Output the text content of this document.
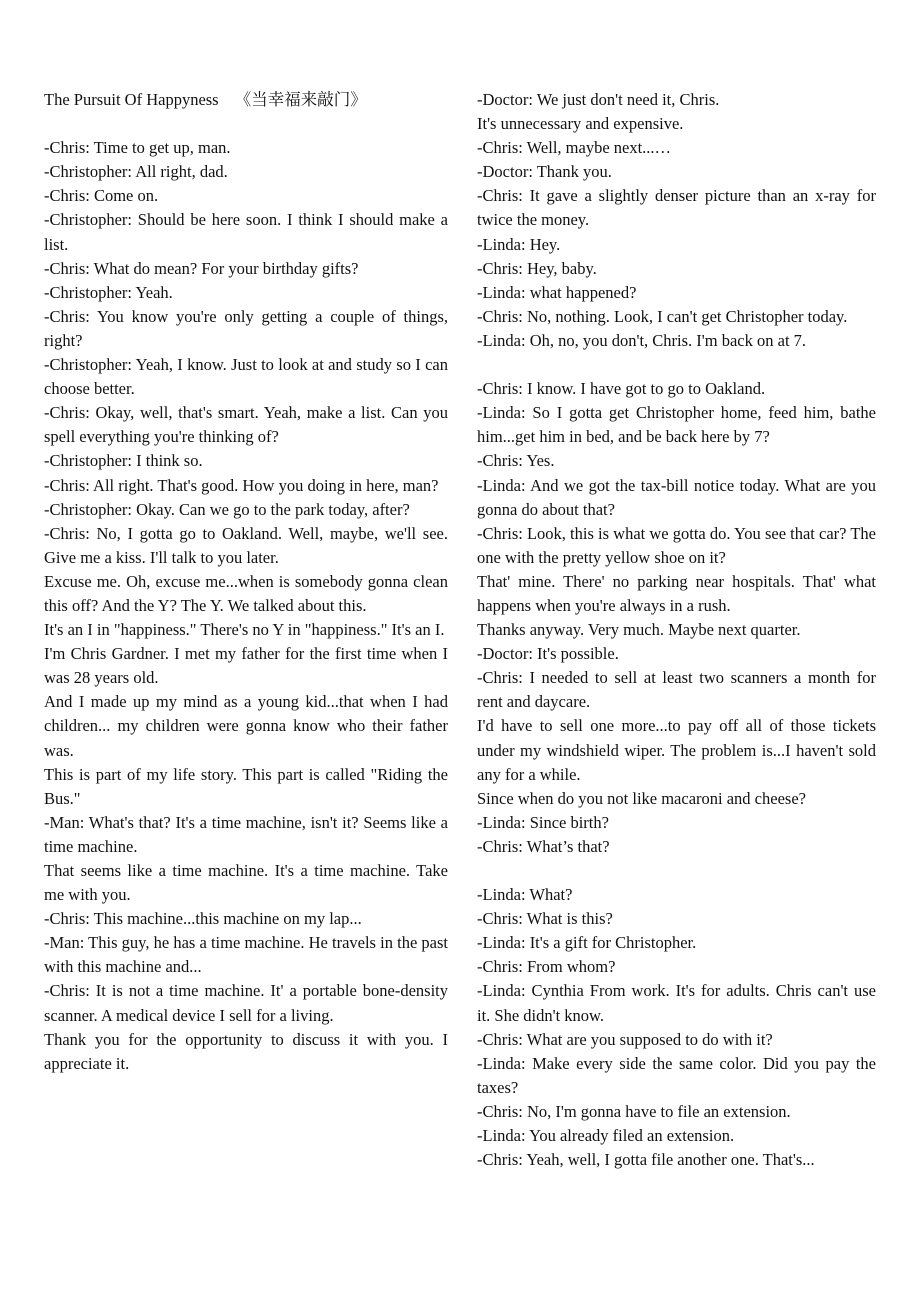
The Pursuit Of Happyness 《当幸福来敲门》

-Chris: Time to get up, man.

-Christopher: All right, dad.

-Chris: Come on.

-Christopher: Should be here soon. I think I should make a list.

-Chris: What do mean? For your birthday gifts?

-Christopher: Yeah.

-Chris: You know you're only getting a couple of things, right?

-Christopher: Yeah, I know. Just to look at and study so I can choose better.

-Chris: Okay, well, that's smart. Yeah, make a list. Can you spell everything you're thinking of?

-Christopher: I think so.

-Chris: All right. That's good. How you doing in here, man?

-Christopher: Okay. Can we go to the park today, after?

-Chris: No, I gotta go to Oakland. Well, maybe, we'll see. Give me a kiss. I'll talk to you later.

Excuse me. Oh, excuse me...when is somebody gonna clean this off? And the Y? The Y. We talked about this.

It's an I in "happiness." There's no Y in "happiness." It's an I.

I'm Chris Gardner. I met my father for the first time when I was 28 years old.

And I made up my mind as a young kid...that when I had children... my children were gonna know who their father was.

This is part of my life story. This part is called "Riding the Bus."

-Man: What's that? It's a time machine, isn't it? Seems like a time machine.

That seems like a time machine. It's a time machine. Take me with you.

-Chris: This machine...this machine on my lap...

-Man: This guy, he has a time machine. He travels in the past with this machine and...

-Chris: It is not a time machine. It' a portable bone-density scanner. A medical device I sell for a living.

Thank you for the opportunity to discuss it with you. I appreciate it.

-Doctor: We just don't need it, Chris.

It's unnecessary and expensive.

-Chris: Well, maybe next...…

-Doctor: Thank you.

-Chris: It gave a slightly denser picture than an x-ray for twice the money.

-Linda: Hey.

-Chris: Hey, baby.

-Linda: what happened?

-Chris: No, nothing. Look, I can't get Christopher today.

-Linda: Oh, no, you don't, Chris. I'm back on at 7.

-Chris: I know. I have got to go to Oakland.

-Linda: So I gotta get Christopher home, feed him, bathe him...get him in bed, and be back here by 7?

-Chris: Yes.

-Linda: And we got the tax-bill notice today. What are you gonna do about that?

-Chris: Look, this is what we gotta do. You see that car? The one with the pretty yellow shoe on it?

That' mine. There' no parking near hospitals. That' what happens when you're always in a rush.

Thanks anyway. Very much. Maybe next quarter.

-Doctor: It's possible.

-Chris: I needed to sell at least two scanners a month for rent and daycare.

I'd have to sell one more...to pay off all of those tickets under my windshield wiper. The problem is...I haven't sold any for a while.

Since when do you not like macaroni and cheese?

-Linda: Since birth?

-Chris: What’s that?

-Linda: What?

-Chris: What is this?

-Linda: It's a gift for Christopher.

-Chris: From whom?

-Linda: Cynthia From work. It's for adults. Chris can't use it. She didn't know.

-Chris: What are you supposed to do with it?

-Linda: Make every side the same color. Did you pay the taxes?

-Chris: No, I'm gonna have to file an extension.

-Linda: You already filed an extension.

-Chris: Yeah, well, I gotta file another one. That's...
